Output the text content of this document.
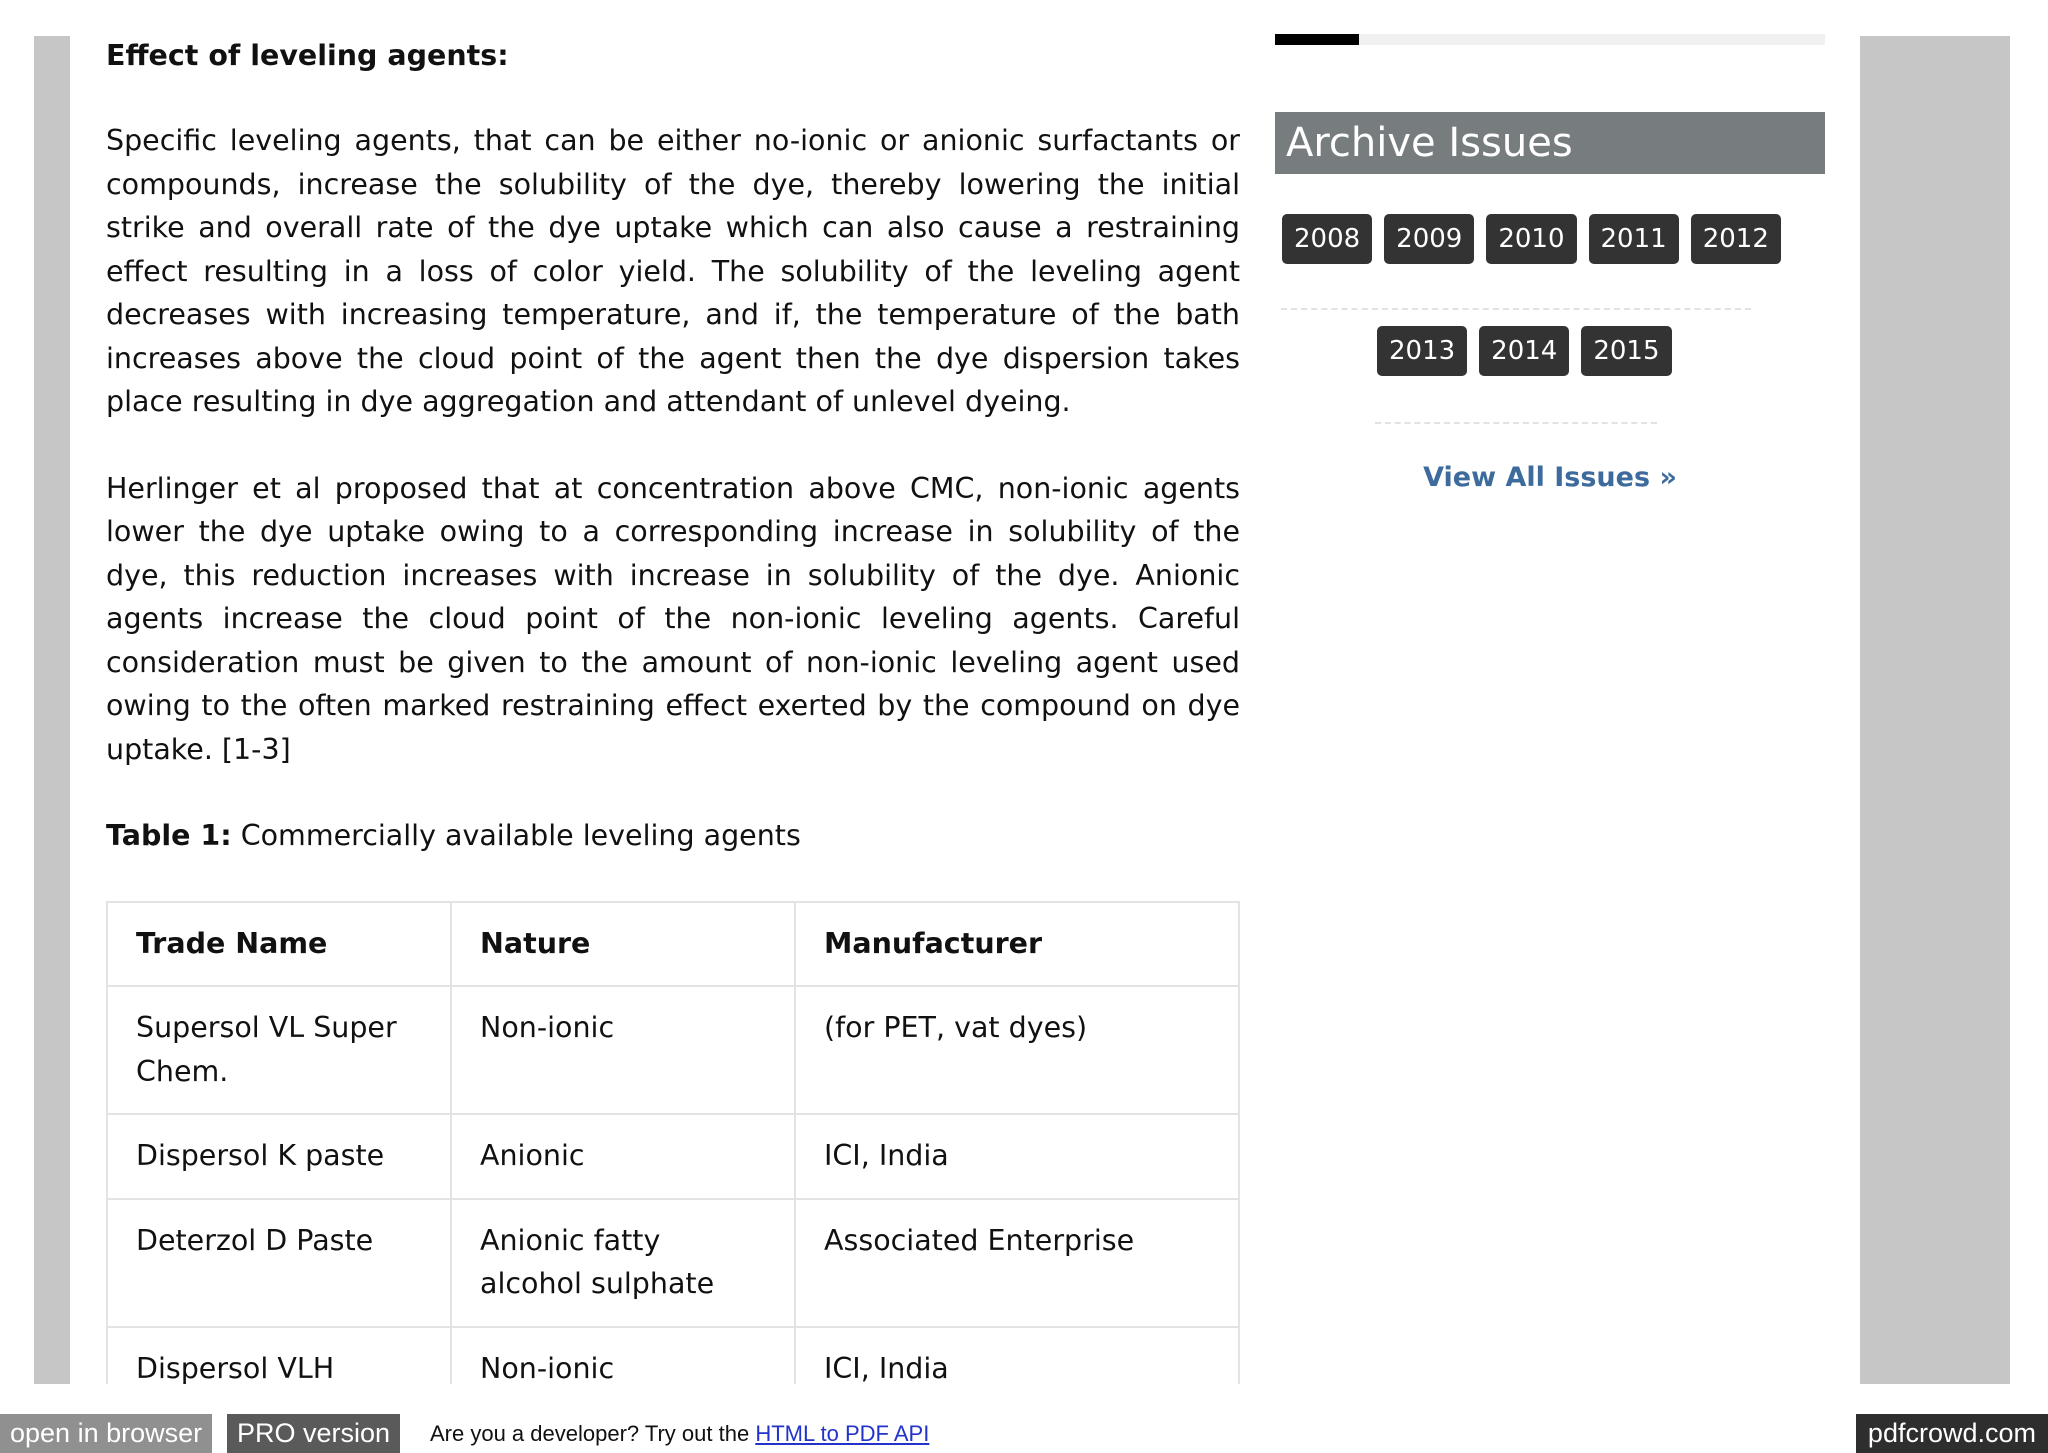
Effect of leveling agents:

Specific leveling agents, that can be either no-ionic or anionic surfactants or compounds, increase the solubility of the dye, thereby lowering the initial strike and overall rate of the dye uptake which can also cause a restraining effect resulting in a loss of color yield. The solubility of the leveling agent decreases with increasing temperature, and if, the temperature of the bath increases above the cloud point of the agent then the dye dispersion takes place resulting in dye aggregation and attendant of unlevel dyeing.

Herlinger et al proposed that at concentration above CMC, non-ionic agents lower the dye uptake owing to a corresponding increase in solubility of the dye, this reduction increases with increase in solubility of the dye. Anionic agents increase the cloud point of the non-ionic leveling agents. Careful consideration must be given to the amount of non-ionic leveling agent used owing to the often marked restraining effect exerted by the compound on dye uptake. [1-3]

Table 1: Commercially available leveling agents

Trade Name	Nature	Manufacturer
Supersol VL Super Chem.	Non-ionic	(for PET, vat dyes)
Dispersol K paste	Anionic	ICI, India
Deterzol D Paste	Anionic fatty alcohol sulphate	Associated Enterprise
Dispersol VLH	Non-ionic	ICI, India

Archive Issues
2008	2009	2010	2011	2012
2013	2014	2015
View All Issues »
open in browser	PRO version	Are you a developer? Try out the HTML to PDF API	pdfcrowd.com
